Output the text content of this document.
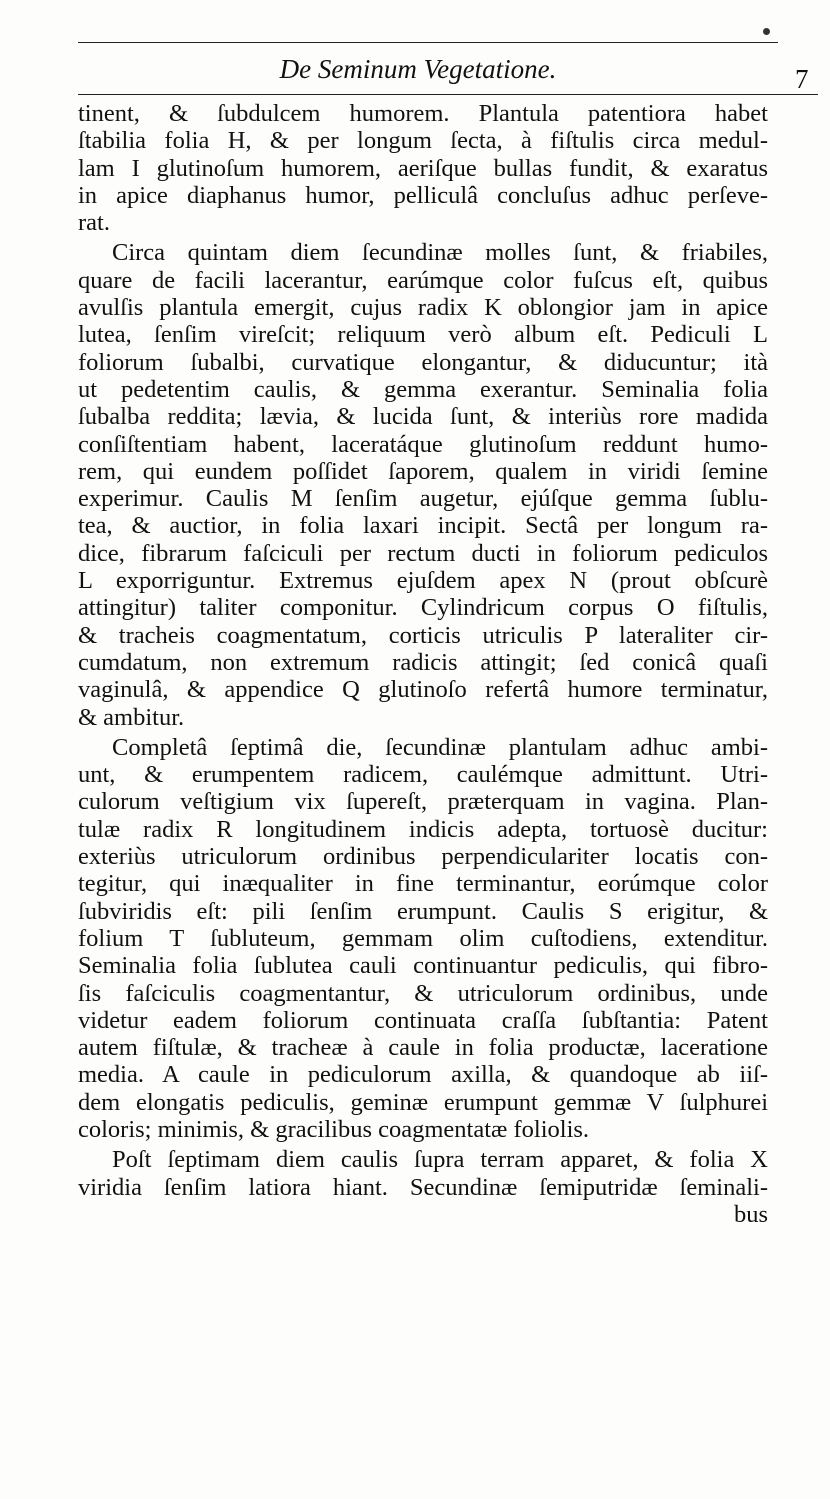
De Seminum Vegetatione.	7
tinent, & ſubdulcem humorem. Plantula patentiora habet
ſtabilia folia H, & per longum ſecta, à fiſtulis circa medul-
lam I glutinoſum humorem, aeriſque bullas fundit, & exaratus
in apice diaphanus humor, pelliculâ concluſus adhuc perſeve-
rat.
Circa quintam diem ſecundinæ molles ſunt, & friabiles,
quare de facili lacerantur, earúmque color fuſcus eſt, quibus
avulſis plantula emergit, cujus radix K oblongior jam in apice
lutea, ſenſim vireſcit; reliquum verò album eſt. Pediculi L
foliorum ſubalbi, curvatique elongantur, & diducuntur; ità
ut pedetentim caulis, & gemma exerantur. Seminalia folia
ſubalba reddita; lævia, & lucida ſunt, & interiùs rore madida
conſiſtentiam habent, laceratáque glutinoſum reddunt humo-
rem, qui eundem poſſidet ſaporem, qualem in viridi ſemine
experimur. Caulis M ſenſim augetur, ejúſque gemma ſublu-
tea, & auctior, in folia laxari incipit. Sectâ per longum ra-
dice, fibrarum faſciculi per rectum ducti in foliorum pediculos
L exporriguntur. Extremus ejuſdem apex N (prout obſcurè
attingitur) taliter componitur. Cylindricum corpus O fiſtulis,
& tracheis coagmentatum, corticis utriculis P lateraliter cir-
cumdatum, non extremum radicis attingit; ſed conicâ quaſi
vaginulâ, & appendice Q glutinoſo refertâ humore terminatur,
& ambitur.
Completâ ſeptimâ die, ſecundinæ plantulam adhuc ambi-
unt, & erumpentem radicem, caulémque admittunt. Utri-
culorum veſtigium vix ſupereſt, præterquam in vagina. Plan-
tulæ radix R longitudinem indicis adepta, tortuosè ducitur:
exteriùs utriculorum ordinibus perpendiculariter locatis con-
tegitur, qui inæqualiter in fine terminantur, eorúmque color
ſubviridis eſt: pili ſenſim erumpunt. Caulis S erigitur, &
folium T ſubluteum, gemmam olim cuſtodiens, extenditur.
Seminalia folia ſublutea cauli continuantur pediculis, qui fibro-
ſis faſciculis coagmentantur, & utriculorum ordinibus, unde
videtur eadem foliorum continuata craſſa ſubſtantia: Patent
autem fiſtulæ, & tracheæ à caule in folia productæ, laceratione
media. A caule in pediculorum axilla, & quandoque ab iiſ-
dem elongatis pediculis, geminæ erumpunt gemmæ V ſulphurei
coloris; minimis, & gracilibus coagmentatæ foliolis.
Poſt ſeptimam diem caulis ſupra terram apparet, & folia X
viridia ſenſim latiora hiant. Secundinæ ſemiputridæ ſeminali-
bus
